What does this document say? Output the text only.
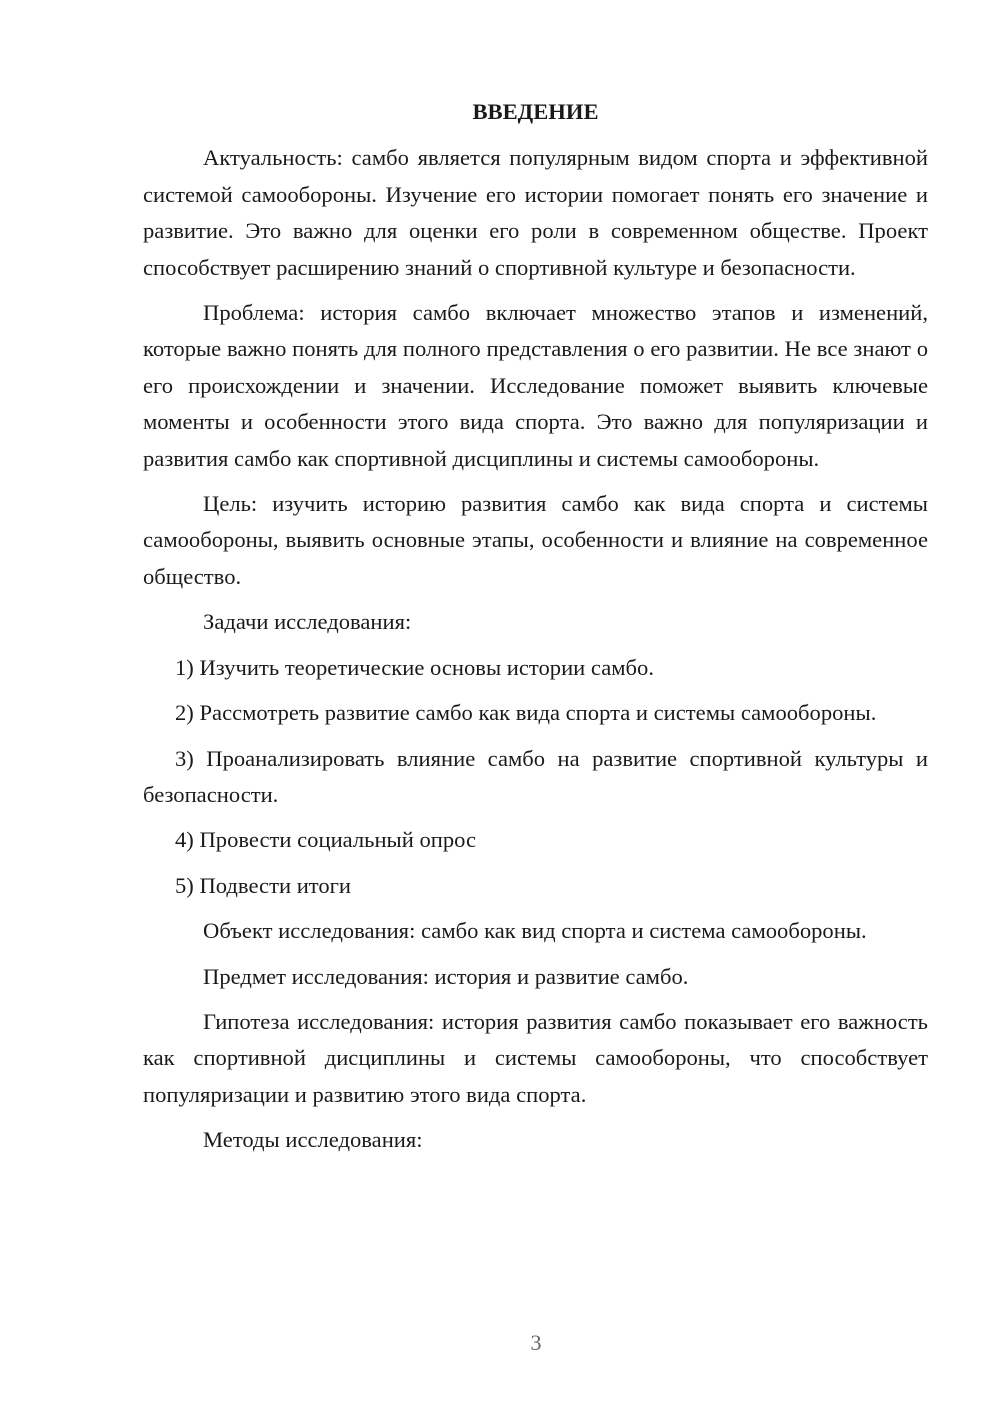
ВВЕДЕНИЕ

Актуальность: самбо является популярным видом спорта и эффективной системой самообороны. Изучение его истории помогает понять его значение и развитие. Это важно для оценки его роли в современном обществе. Проект способствует расширению знаний о спортивной культуре и безопасности.

Проблема: история самбо включает множество этапов и изменений, которые важно понять для полного представления о его развитии. Не все знают о его происхождении и значении. Исследование поможет выявить ключевые моменты и особенности этого вида спорта. Это важно для популяризации и развития самбо как спортивной дисциплины и системы самообороны.

Цель: изучить историю развития самбо как вида спорта и системы самообороны, выявить основные этапы, особенности и влияние на современное общество.

Задачи исследования:

1) Изучить теоретические основы истории самбо.

2) Рассмотреть развитие самбо как вида спорта и системы самообороны.

3) Проанализировать влияние самбо на развитие спортивной культуры и безопасности.

4) Провести социальный опрос

5) Подвести итоги

Объект исследования: самбо как вид спорта и система самообороны.

Предмет исследования: история и развитие самбо.

Гипотеза исследования: история развития самбо показывает его важность как спортивной дисциплины и системы самообороны, что способствует популяризации и развитию этого вида спорта.

Методы исследования:

3
